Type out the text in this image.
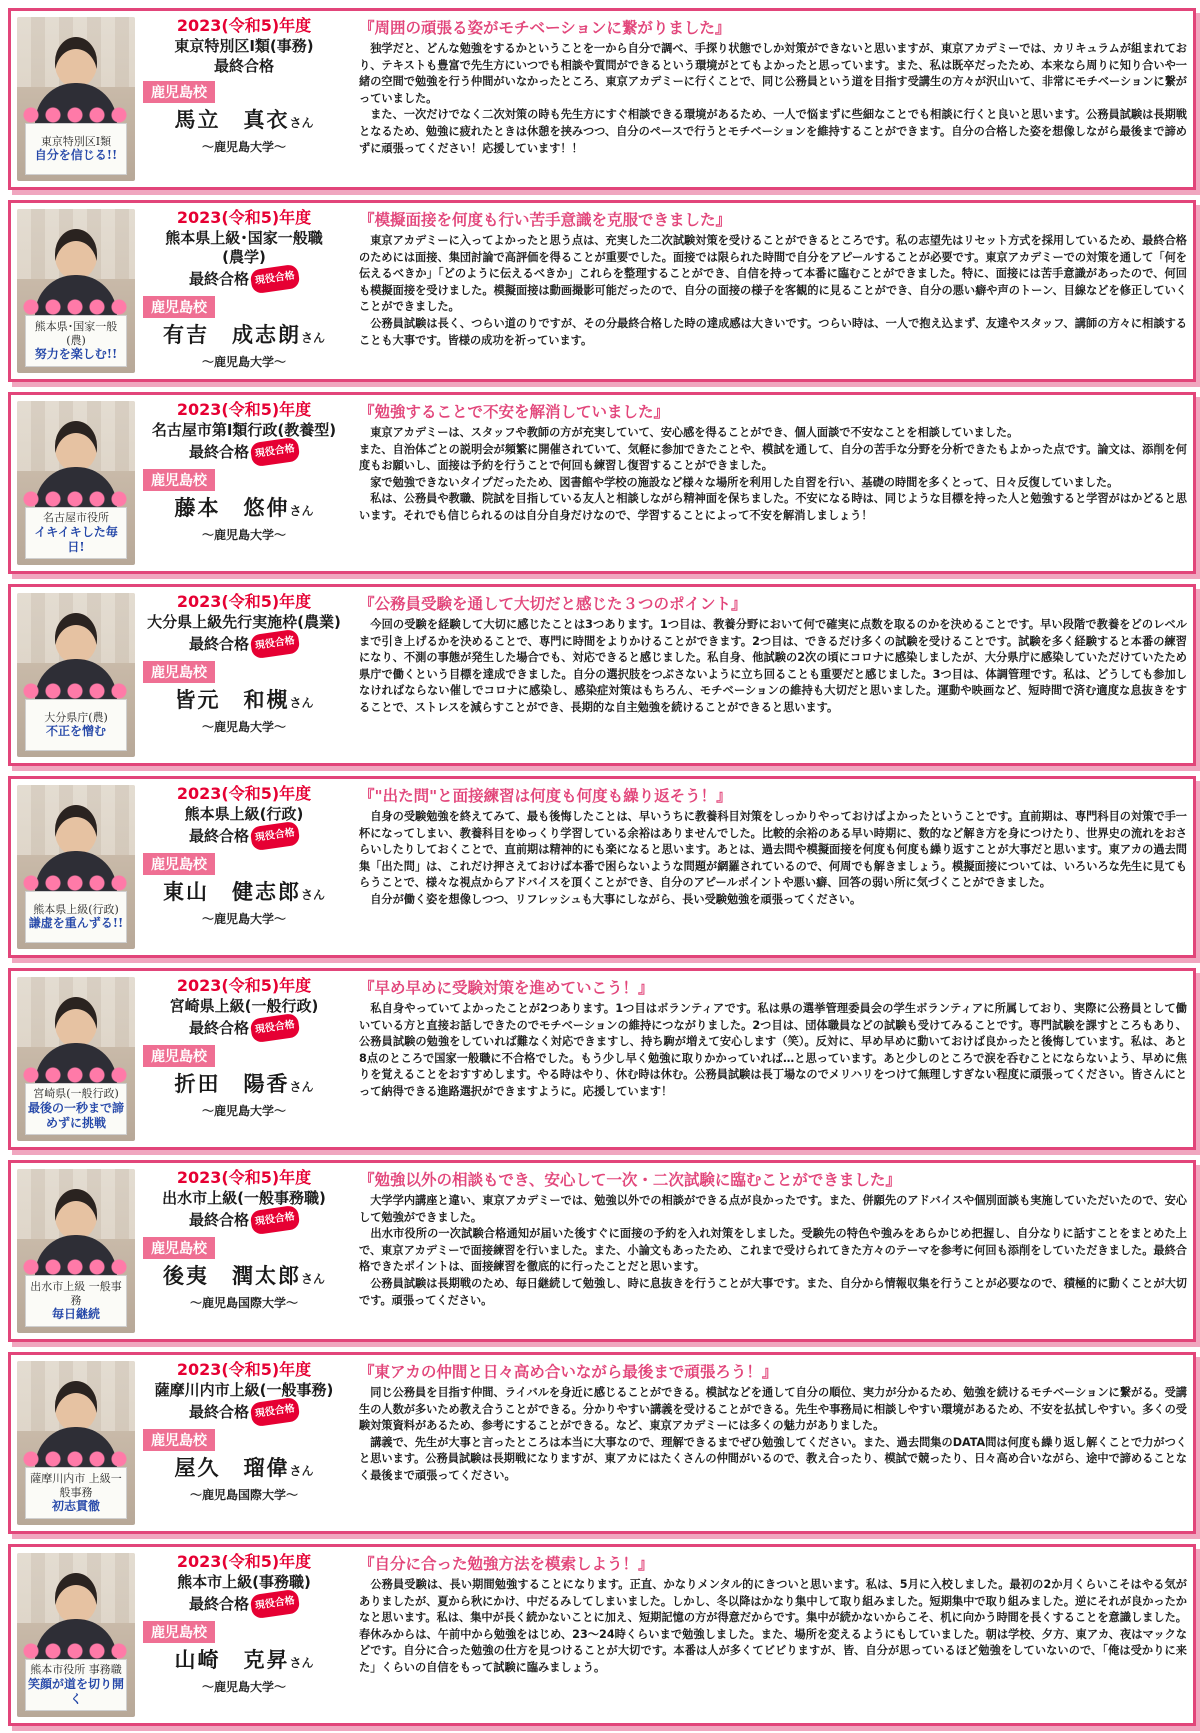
東京特別区Ⅰ類
自分を信じる!!
2023(令和5)年度
東京特別区Ⅰ類(事務)
最終合格
鹿児島校
馬立　真衣さん
～鹿児島大学～
『周囲の頑張る姿がモチベーションに繋がりました』
　独学だと、どんな勉強をするかということを一から自分で調べ、手探り状態でしか対策ができないと思いますが、東京アカデミーでは、カリキュラムが組まれており、テキストも豊富で先生方にいつでも相談や質問ができるという環境がとてもよかったと思っています。また、私は既卒だったため、本来なら周りに知り合いや一緒の空間で勉強を行う仲間がいなかったところ、東京アカデミーに行くことで、同じ公務員という道を目指す受講生の方々が沢山いて、非常にモチベーションに繋がっていました。
　また、一次だけでなく二次対策の時も先生方にすぐ相談できる環境があるため、一人で悩まずに些細なことでも相談に行くと良いと思います。公務員試験は長期戦となるため、勉強に疲れたときは休憩を挟みつつ、自分のペースで行うとモチベーションを維持することができます。自分の合格した姿を想像しながら最後まで諦めずに頑張ってください！応援しています！！
熊本県･国家一般(農)
努力を楽しむ!!
2023(令和5)年度
熊本県上級･国家一般職
(農学)
最終合格 現役合格
鹿児島校
有吉　成志朗さん
～鹿児島大学～
『模擬面接を何度も行い苦手意識を克服できました』
　東京アカデミーに入ってよかったと思う点は、充実した二次試験対策を受けることができるところです。私の志望先はリセット方式を採用しているため、最終合格のためには面接、集団討論で高評価を得ることが重要でした。面接では限られた時間で自分をアピールすることが必要です。東京アカデミーでの対策を通して「何を伝えるべきか」「どのように伝えるべきか」これらを整理することができ、自信を持って本番に臨むことができました。特に、面接には苦手意識があったので、何回も模擬面接を受けました。模擬面接は動画撮影可能だったので、自分の面接の様子を客観的に見ることができ、自分の悪い癖や声のトーン、目線などを修正していくことができました。
　公務員試験は長く、つらい道のりですが、その分最終合格した時の達成感は大きいです。つらい時は、一人で抱え込まず、友達やスタッフ、講師の方々に相談することも大事です。皆様の成功を祈っています。
名古屋市役所
イキイキした毎日!
2023(令和5)年度
名古屋市第Ⅰ類行政(教養型)
最終合格 現役合格
鹿児島校
藤本　悠伸さん
～鹿児島大学～
『勉強することで不安を解消していました』
　東京アカデミーは、スタッフや教師の方が充実していて、安心感を得ることができ、個人面談で不安なことを相談していました。
また、自治体ごとの説明会が頻繁に開催されていて、気軽に参加できたことや、模試を通して、自分の苦手な分野を分析できたもよかった点です。論文は、添削を何度もお願いし、面接は予約を行うことで何回も練習し復習することができました。
　家で勉強できないタイプだったため、図書館や学校の施設など様々な場所を利用した自習を行い、基礎の時間を多くとって、日々反復していました。
　私は、公務員や教職、院試を目指している友人と相談しながら精神面を保ちました。不安になる時は、同じような目標を持った人と勉強すると学習がはかどると思います。それでも信じられるのは自分自身だけなので、学習することによって不安を解消しましょう！
大分県庁(農)
不正を憎む
2023(令和5)年度
大分県上級先行実施枠(農業)
最終合格 現役合格
鹿児島校
皆元　和槻さん
～鹿児島大学～
『公務員受験を通して大切だと感じた３つのポイント』
　今回の受験を経験して大切に感じたことは3つあります。1つ目は、教養分野において何で確実に点数を取るのかを決めることです。早い段階で教養をどのレベルまで引き上げるかを決めることで、専門に時間をよりかけることができます。2つ目は、できるだけ多くの試験を受けることです。試験を多く経験すると本番の練習になり、不測の事態が発生した場合でも、対応できると感じました。私自身、他試験の2次の頃にコロナに感染しましたが、大分県庁に感染していただけていたため県庁で働くという目標を達成できました。自分の選択肢をつぶさないように立ち回ることも重要だと感じました。3つ目は、体調管理です。私は、どうしても参加しなければならない催しでコロナに感染し、感染症対策はもちろん、モチベーションの維持も大切だと思いました。運動や映画など、短時間で済む適度な息抜きをすることで、ストレスを減らすことができ、長期的な自主勉強を続けることができると思います。
熊本県上級(行政)
謙虚を重んずる!!
2023(令和5)年度
熊本県上級(行政)
最終合格 現役合格
鹿児島校
東山　健志郎さん
～鹿児島大学～
『"出た問"と面接練習は何度も何度も繰り返そう！』
　自身の受験勉強を終えてみて、最も後悔したことは、早いうちに教養科目対策をしっかりやっておけばよかったということです。直前期は、専門科目の対策で手一杯になってしまい、教養科目をゆっくり学習している余裕はありませんでした。比較的余裕のある早い時期に、数的など解き方を身につけたり、世界史の流れをおさらいしたりしておくことで、直前期は精神的にも楽になると思います。あとは、過去問や模擬面接を何度も何度も繰り返すことが大事だと思います。東アカの過去問集「出た問」は、これだけ押さえておけば本番で困らないような問題が網羅されているので、何周でも解きましょう。模擬面接については、いろいろな先生に見てもらうことで、様々な視点からアドバイスを頂くことができ、自分のアピールポイントや悪い癖、回答の弱い所に気づくことができました。
　自分が働く姿を想像しつつ、リフレッシュも大事にしながら、長い受験勉強を頑張ってください。
宮崎県(一般行政)
最後の一秒まで諦めずに挑戦
2023(令和5)年度
宮崎県上級(一般行政)
最終合格 現役合格
鹿児島校
折田　陽香さん
～鹿児島大学～
『早め早めに受験対策を進めていこう！』
　私自身やっていてよかったことが2つあります。1つ目はボランティアです。私は県の選挙管理委員会の学生ボランティアに所属しており、実際に公務員として働いている方と直接お話しできたのでモチベーションの維持につながりました。2つ目は、団体職員などの試験も受けてみることです。専門試験を課すところもあり、公務員試験の勉強をしていれば難なく対応できますし、持ち駒が増えて安心します（笑）。反対に、早め早めに動いておけば良かったと後悔しています。私は、あと8点のところで国家一般職に不合格でした。もう少し早く勉強に取りかかっていれば…と思っています。あと少しのところで涙を呑むことにならないよう、早めに焦りを覚えることをおすすめします。やる時はやり、休む時は休む。公務員試験は長丁場なのでメリハリをつけて無理しすぎない程度に頑張ってください。皆さんにとって納得できる進路選択ができますように。応援しています！
出水市上級 一般事務
毎日継続
2023(令和5)年度
出水市上級(一般事務職)
最終合格 現役合格
鹿児島校
後夷　潤太郎さん
～鹿児島国際大学～
『勉強以外の相談もでき、安心して一次・二次試験に臨むことができました』
　大学学内講座と違い、東京アカデミーでは、勉強以外での相談ができる点が良かったです。また、併願先のアドバイスや個別面談も実施していただいたので、安心して勉強ができました。
　出水市役所の一次試験合格通知が届いた後すぐに面接の予約を入れ対策をしました。受験先の特色や強みをあらかじめ把握し、自分なりに話すことをまとめた上で、東京アカデミーで面接練習を行いました。また、小論文もあったため、これまで受けられてきた方々のテーマを参考に何回も添削をしていただきました。最終合格できたポイントは、面接練習を徹底的に行ったことだと思います。
　公務員試験は長期戦のため、毎日継続して勉強し、時に息抜きを行うことが大事です。また、自分から情報収集を行うことが必要なので、積極的に動くことが大切です。頑張ってください。
薩摩川内市 上級一般事務
初志貫徹
2023(令和5)年度
薩摩川内市上級(一般事務)
最終合格 現役合格
鹿児島校
屋久　瑠偉さん
～鹿児島国際大学～
『東アカの仲間と日々高め合いながら最後まで頑張ろう！』
　同じ公務員を目指す仲間、ライバルを身近に感じることができる。模試などを通して自分の順位、実力が分かるため、勉強を続けるモチベーションに繋がる。受講生の人数が多いため教え合うことができる。分かりやすい講義を受けることができる。先生や事務局に相談しやすい環境があるため、不安を払拭しやすい。多くの受験対策資料があるため、参考にすることができる。など、東京アカデミーには多くの魅力がありました。
　講義で、先生が大事と言ったところは本当に大事なので、理解できるまでぜひ勉強してください。また、過去問集のDATA問は何度も繰り返し解くことで力がつくと思います。公務員試験は長期戦になりますが、東アカにはたくさんの仲間がいるので、教え合ったり、模試で競ったり、日々高め合いながら、途中で諦めることなく最後まで頑張ってください。
熊本市役所 事務職
笑顔が道を切り開く
2023(令和5)年度
熊本市上級(事務職)
最終合格 現役合格
鹿児島校
山崎　克昇さん
～鹿児島大学～
『自分に合った勉強方法を模索しよう！』
　公務員受験は、長い期間勉強することになります。正直、かなりメンタル的にきついと思います。私は、5月に入校しました。最初の2か月くらいこそはやる気がありましたが、夏から秋にかけ、中だるみしてしまいました。しかし、冬以降はかなり集中して取り組みました。短期集中で取り組みました。逆にそれが良かったかなと思います。私は、集中が長く続かないことに加え、短期記憶の方が得意だからです。集中が続かないからこそ、机に向かう時間を長くすることを意識しました。春休みからは、午前中から勉強をはじめ、23〜24時くらいまで勉強しました。また、場所を変えるようにもしていました。朝は学校、夕方、東アカ、夜はマックなどです。自分に合った勉強の仕方を見つけることが大切です。本番は人が多くてビビりますが、皆、自分が思っているほど勉強をしていないので、「俺は受かりに来た」くらいの自信をもって試験に臨みましょう。
